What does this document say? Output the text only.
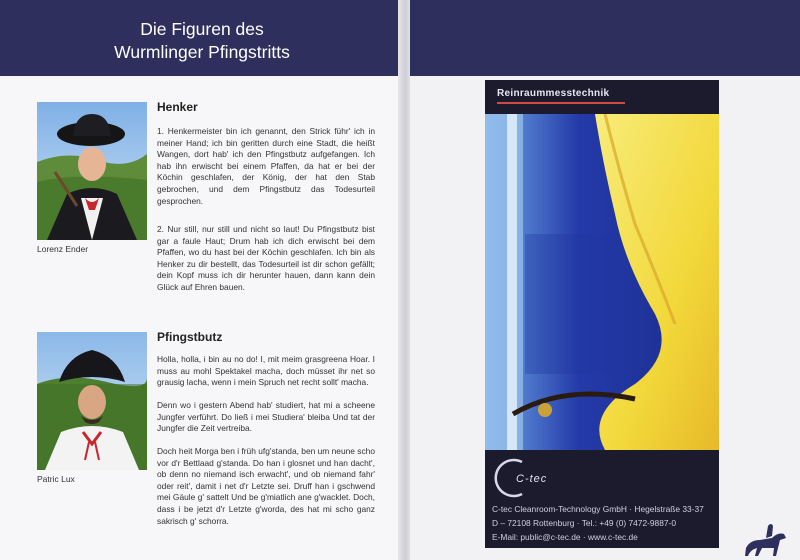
Die Figuren des
Wurmlinger Pfingstritts
Lorenz Ender
Henker

1. Henkermeister bin ich genannt, den Strick führ' ich in meiner Hand; ich bin geritten durch eine Stadt, die heißt Wangen, dort hab' ich den Pfingstbutz aufgefangen. Ich hab ihn erwischt bei einem Pfaffen, da hat er bei der Köchin geschlafen, der König, der hat den Stab gebrochen, und dem Pfingstbutz das Todesurteil gesprochen.

2. Nur still, nur still und nicht so laut! Du Pfingstbutz bist gar a faule Haut; Drum hab ich dich erwischt bei dem Pfaffen, wo du hast bei der Köchin geschlafen. Ich bin als Henker zu dir bestellt, das Todesurteil ist dir schon gefällt; dein Kopf muss ich dir herunter hauen, dann kann dein Glück auf Ehren bauen.

Patric Lux
Pfingstbutz

Holla, holla, i bin au no do! I, mit meim grasgreena Hoar. I muss au mohl Spektakel macha, doch müsset ihr net so grausig lacha, wenn i mein Spruch net recht sollt' macha.

Denn wo i gestern Abend hab' studiert, hat mi a scheene Jungfer verführt. Do ließ i mei Studiera' bleiba Und tat der Jungfer die Zeit vertreiba.

Doch heit Morga ben i früh ufg'standa, ben um neune scho vor d'r Bettlaad g'standa. Do han i glosnet und han dacht', ob denn no niemand isch erwacht', und ob niemand fahr' oder reit', damit i net d'r Letzte sei. Druff han i gschwend mei Gäule g' sattelt Und be g'miatlich ane g'wacklet. Doch, dass i be jetzt d'r Letzte g'worda, des hat mi scho ganz sakrisch g' schorra.

Reinraummesstechnik
C-tec
C-tec Cleanroom-Technology GmbH · Hegelstraße 33-37
D – 72108 Rottenburg · Tel.: +49 (0) 7472-9887-0
E-Mail: public@c-tec.de · www.c-tec.de
